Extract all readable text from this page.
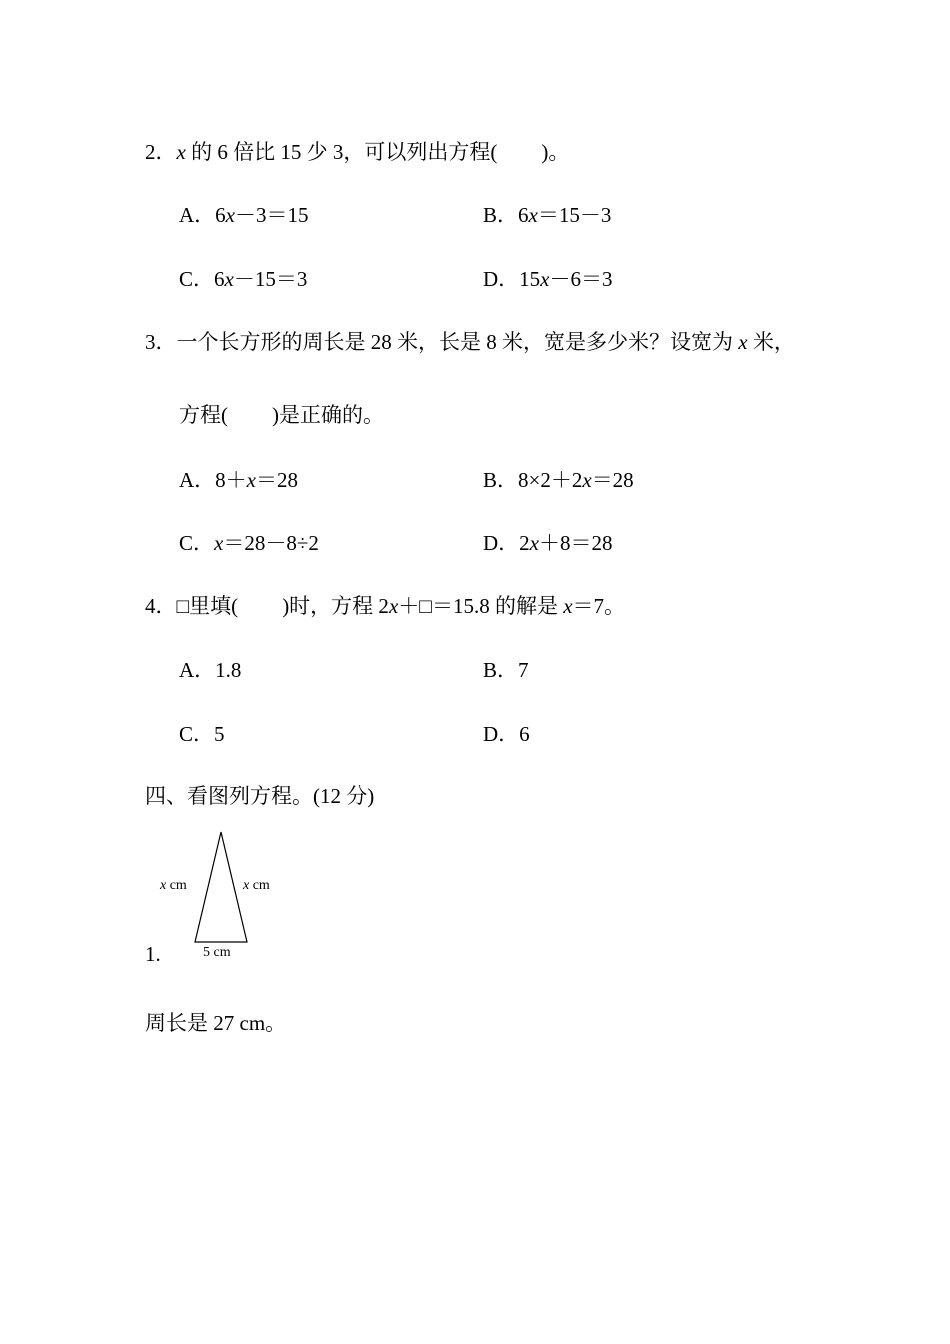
2．x 的 6 倍比 15 少 3，可以列出方程( )。
A．6x－3＝15	B．6x＝15－3
C．6x－15＝3	D．15x－6＝3
3．一个长方形的周长是 28 米，长是 8 米，宽是多少米？设宽为 x 米，
方程( )是正确的。
A．8＋x＝28	B．8×2＋2x＝28
C．x＝28－8÷2	D．2x＋8＝28
4．□里填( )时，方程 2x＋□＝15.8 的解是 x＝7。
A．1.8	B．7
C．5	D．6
四、看图列方程。(12 分)
x cm	x cm
5 cm
1.
周长是 27 cm。
